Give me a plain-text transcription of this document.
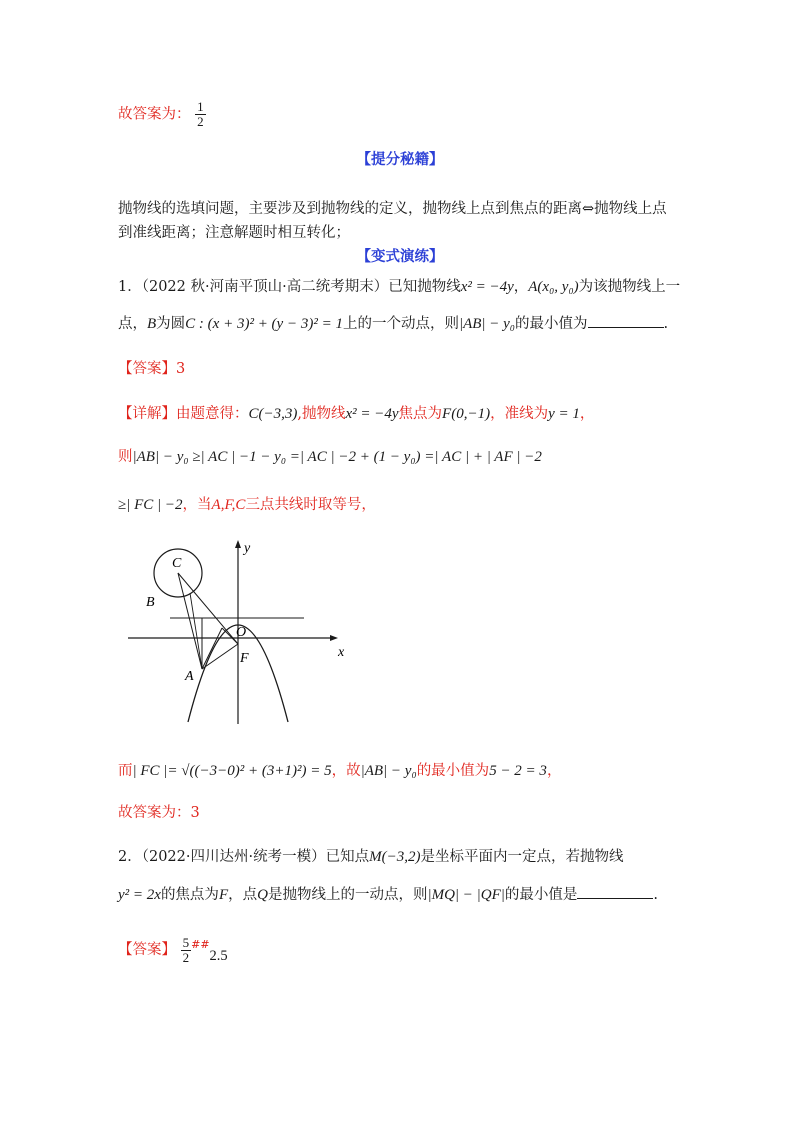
故答案为： $\frac{1}{2}$
【提分秘籍】
抛物线的选填问题，主要涉及到抛物线的定义，抛物线上点到焦点的距离⇔抛物线上点
到准线距离；注意解题时相互转化；
【变式演练】
1．（2022 秋·河南平顶山·高二统考期末）已知抛物线x² = −4y，A(x₀, y₀)为该抛物线上一
点，B为圆C : (x + 3)² + (y − 3)² = 1上的一个动点，则|AB| − y₀的最小值为	.
【答案】3
【详解】由题意得：C(−3,3),抛物线x² = −4y焦点为F(0,−1)，准线为y = 1，
则|AB| − y₀ ≥| AC | −1 − y₀ =| AC | −2 + (1 − y₀) =| AC | + | AF | −2
≥| FC | −2，当A,F,C三点共线时取等号，
C
B
O
F
A
x
y
而| FC |= √((−3−0)² + (3+1)²) = 5，故|AB| − y₀的最小值为5 − 2 = 3，
故答案为：3
2．（2022·四川达州·统考一模）已知点M(−3,2)是坐标平面内一定点，若抛物线
y² = 2x的焦点为F，点Q是抛物线上的一动点，则|MQ| − |QF|的最小值是	.
【答案】 $\frac{5}{2} ^{\#\#}2.5$
